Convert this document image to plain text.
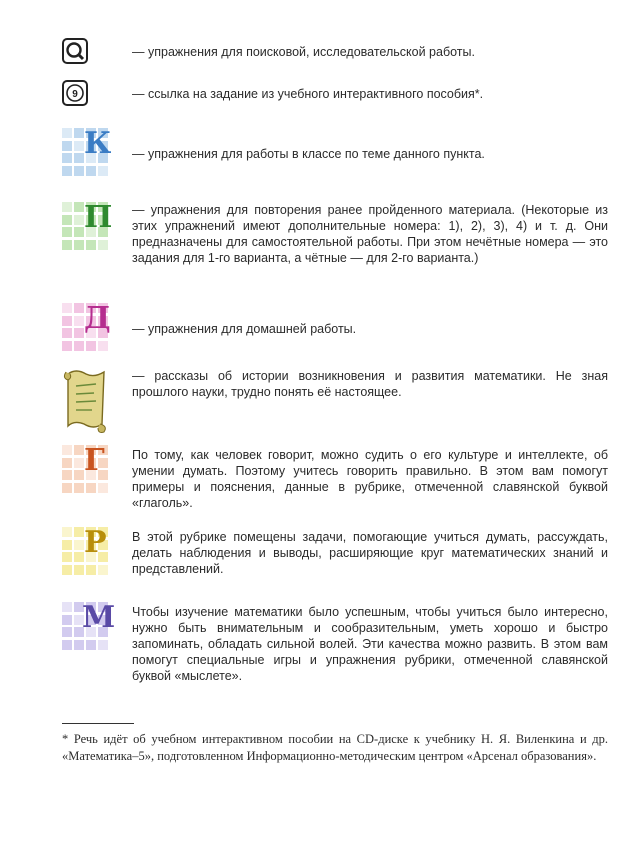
— упражнения для поисковой, исследовательской работы.
9	— ссылка на задание из учебного интерактивного пособия*.
К — упражнения для работы в классе по теме данного пункта.
П — упражнения для повторения ранее пройденного материала. (Некоторые из этих упражнений имеют дополнительные номера: 1), 2), 3), 4) и т. д. Они предназначены для самостоятельной работы. При этом нечётные номера — это задания для 1-го варианта, а чётные — для 2-го варианта.)
Д — упражнения для домашней работы.
— рассказы об истории возникновения и развития математики. Не зная прошлого науки, трудно понять её настоящее.
Г По тому, как человек говорит, можно судить о его культуре и интеллекте, об умении думать. Поэтому учитесь говорить правильно. В этом вам помогут примеры и пояснения, данные в рубрике, отмеченной славянской буквой «глаголь».
Р В этой рубрике помещены задачи, помогающие учиться думать, рассуждать, делать наблюдения и выводы, расширяющие круг математических знаний и представлений.
М Чтобы изучение математики было успешным, чтобы учиться было интересно, нужно быть внимательным и сообразительным, уметь хорошо и быстро запоминать, обладать сильной волей. Эти качества можно развить. В этом вам помогут специальные игры и упражнения рубрики, отмеченной славянской буквой «мыслете».
* Речь идёт об учебном интерактивном пособии на CD-диске к учебнику Н. Я. Виленкина и др. «Математика–5», подготовленном Информационно-методическим центром «Арсенал образования».
